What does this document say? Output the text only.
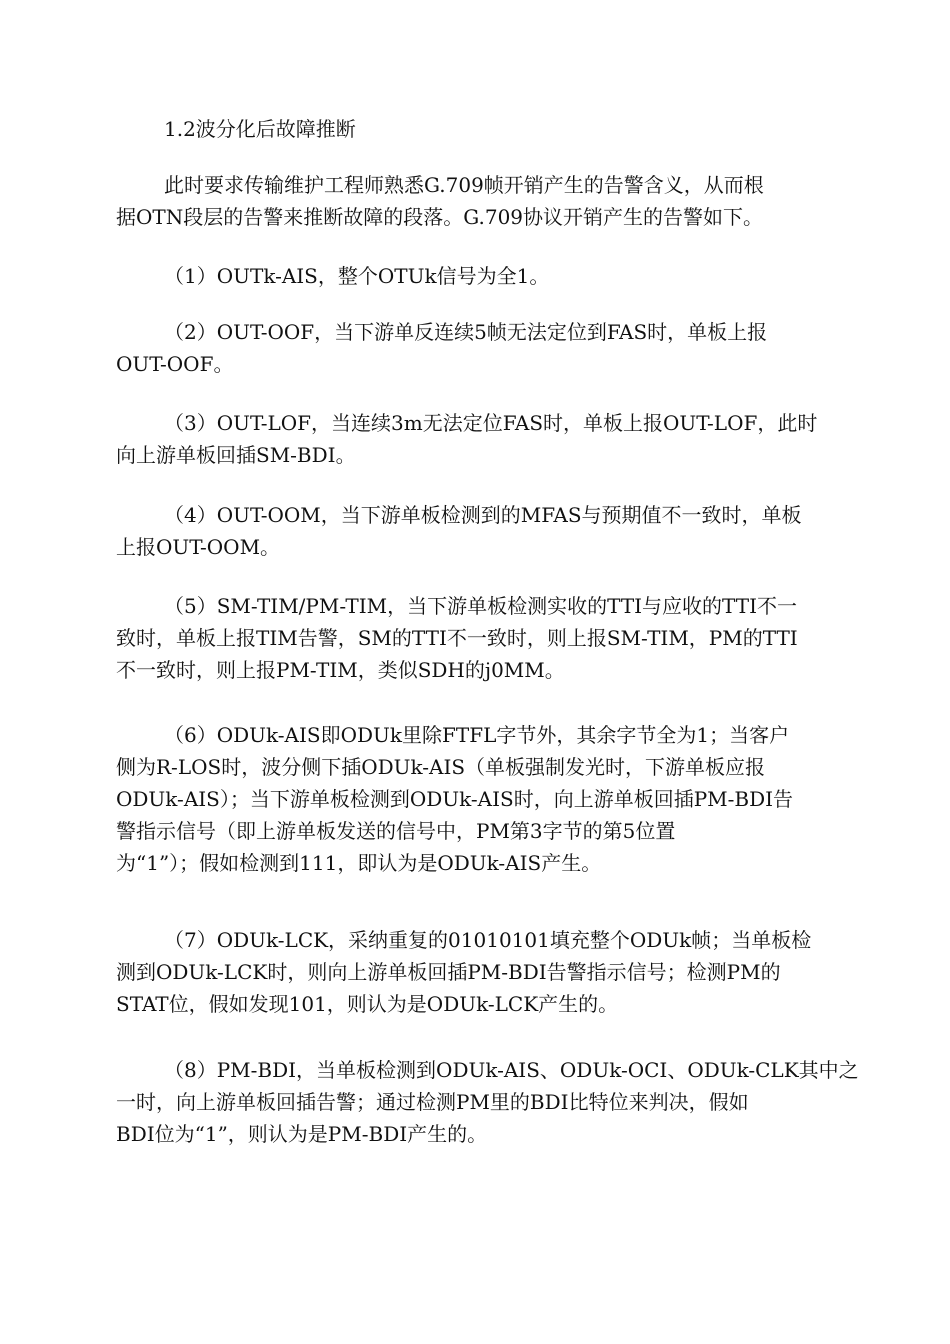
1.2波分化后故障推断

此时要求传输维护工程师熟悉G.709帧开销产生的告警含义，从而根
据OTN段层的告警来推断故障的段落。G.709协议开销产生的告警如下。

（1）OUTk-AIS，整个OTUk信号为全1。

（2）OUT-OOF，当下游单反连续5帧无法定位到FAS时，单板上报
OUT-OOF。

（3）OUT-LOF，当连续3m无法定位FAS时，单板上报OUT-LOF，此时
向上游单板回插SM-BDI。

（4）OUT-OOM，当下游单板检测到的MFAS与预期值不一致时，单板
上报OUT-OOM。

（5）SM-TIM/PM-TIM，当下游单板检测实收的TTI与应收的TTI不一
致时，单板上报TIM告警，SM的TTI不一致时，则上报SM-TIM，PM的TTI
不一致时，则上报PM-TIM，类似SDH的j0MM。

（6）ODUk-AIS即ODUk里除FTFL字节外，其余字节全为1；当客户
侧为R-LOS时，波分侧下插ODUk-AIS（单板强制发光时，下游单板应报
ODUk-AIS）；当下游单板检测到ODUk-AIS时，向上游单板回插PM-BDI告
警指示信号（即上游单板发送的信号中，PM第3字节的第5位置
为“1”）；假如检测到111，即认为是ODUk-AIS产生。

（7）ODUk-LCK，采纳重复的01010101填充整个ODUk帧；当单板检
测到ODUk-LCK时，则向上游单板回插PM-BDI告警指示信号；检测PM的
STAT位，假如发现101，则认为是ODUk-LCK产生的。

（8）PM-BDI，当单板检测到ODUk-AIS、ODUk-OCI、ODUk-CLK其中之
一时，向上游单板回插告警；通过检测PM里的BDI比特位来判决，假如
BDI位为“1”，则认为是PM-BDI产生的。
